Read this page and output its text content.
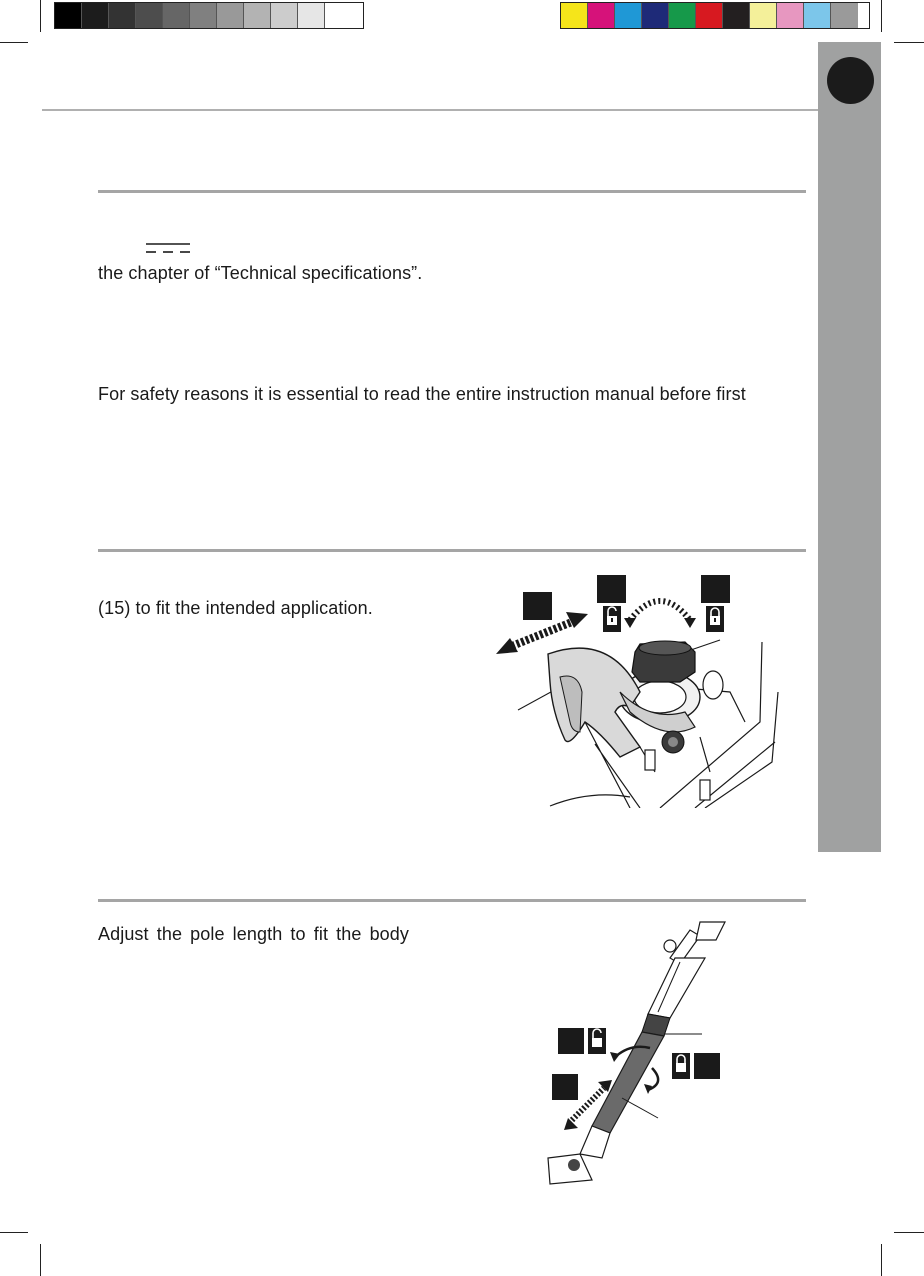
the chapter of “Technical specifications”.
For safety reasons it is essential to read the entire instruction manual before first
(15) to fit the intended application.
Adjust the pole length to fit the body
